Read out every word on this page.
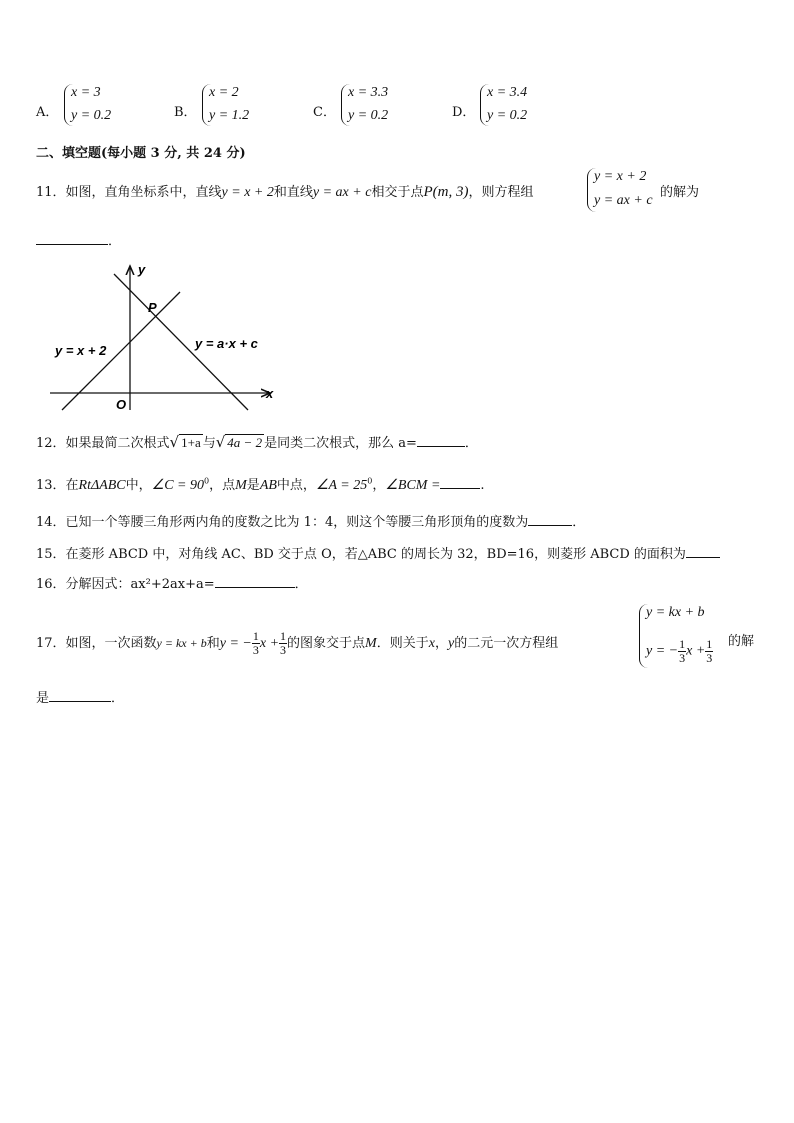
A．
x = 3
y = 0.2	B．
x = 2
y = 1.2	C．
x = 3.3
y = 0.2	D．
x = 3.4
y = 0.2
二、填空题(每小题 3 分, 共 24 分)
11．如图，直角坐标系中，直线y = x + 2和直线y = ax + c相交于点P(m, 3)，则方程组
y = x + 2
y = ax + c
的解为
．
y
x
O
P
y = x + 2	y = a·x + c
12．如果最简二次根式√ 1+a 与√ 4a − 2 是同类二次根式，那么 a=	．
13．在RtΔABC中，∠C = $90^0$，点M是AB中点，∠A = $25^0$，∠BCM =	.
14．已知一个等腰三角形两内角的度数之比为 1：4，则这个等腰三角形顶角的度数为	．
15．在菱形 ABCD 中，对角线 AC、BD 交于点 O，若△ABC 的周长为 32，BD=16，则菱形 ABCD 的面积为
16．分解因式：ax²+2ax+a=	．
17．如图，一次函数y = kx + b和y = − $\frac{1}{3}$ $x + \frac{1}{3}$ 的图象交于点M．则关于x，y的二元一次方程组
y = kx + b
y = − $\frac{1}{3}$ $x + \frac{1}{3}$ 的解
是	．
